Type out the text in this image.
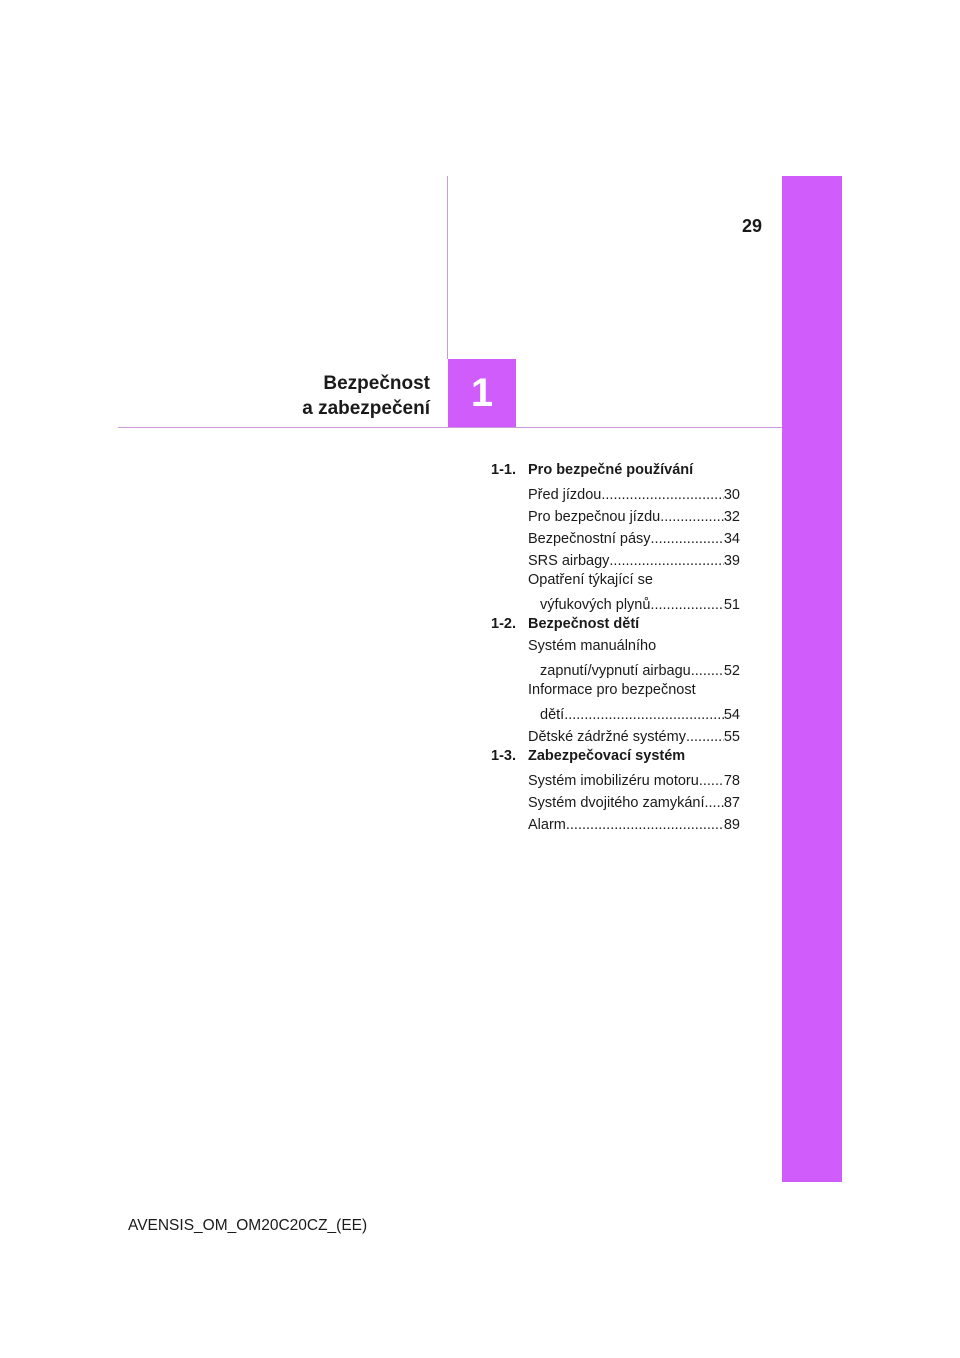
29
1
Bezpečnost
a zabezpečení
1-1. Pro bezpečné používání
Před jízdou .....	30
Pro bezpečnou jízdu .....	32
Bezpečnostní pásy .....	34
SRS airbagy .....	39
Opatření týkající se
výfukových plynů .....	51
1-2. Bezpečnost dětí
Systém manuálního
zapnutí/vypnutí airbagu ..... 52
Informace pro bezpečnost
dětí .....	54
Dětské zádržné systémy .....	55
1-3. Zabezpečovací systém
Systém imobilizéru motoru ..... 78
Systém dvojitého zamykání ..... 87
Alarm .....	89
AVENSIS_OM_OM20C20CZ_(EE)
